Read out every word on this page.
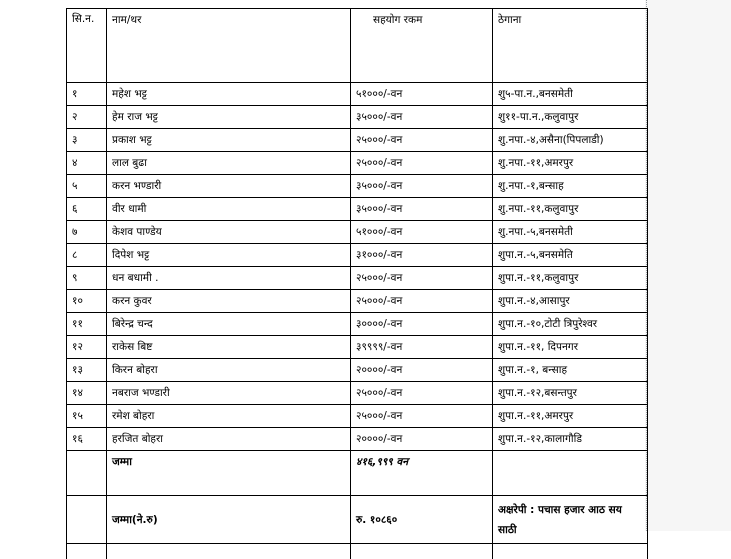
सि.न.	नाम/थर	सहयोग रकम	ठेगाना
१	महेश भट्ट	५१०००/-वन	शु५-पा.न.,बनसमेती
२	हेम राज भट्ट	३५०००/-वन	शु११-पा.न.,कलुवापुर
३	प्रकाश भट्ट	२५०००/-वन	शु.नपा.-४,असैना(पिपलाडी)
४	लाल बुढा	२५०००/-वन	शु.नपा.-११,अमरपुर
५	करन भण्डारी	३५०००/-वन	शु.नपा.-१,बन्साह
६	वीर धामी	३५०००/-वन	शु.नपा.-११,कलुवापुर
७	केशव पाण्डेय	५१०००/-वन	शु.नपा.-५,बनसमेती
८	दिपेश भट्ट	३१०००/-वन	शुपा.न.-५,बनसमेति
९	धन बधामी .	२५०००/-वन	शुपा.न.-११,कलुवापुर
१०	करन कुवर	२५०००/-वन	शुपा.न.-४,आसापुर
११	बिरेन्द्र चन्द	३००००/-वन	शुपा.न.-१०,टोटी त्रिपुरेश्वर
१२	राकेस बिष्ट	३९९९९/-वन	शुपा.न.-११, दिपनगर
१३	किरन बोहरा	२००००/-वन	शुपा.न.-१, बन्साह
१४	नबराज भण्डारी	२५०००/-वन	शुपा.न.-१२,बसन्तपुर
१५	रमेश बोहरा	२५०००/-वन	शुपा.न.-११,अमरपुर
१६	हरजित बोहरा	२००००/-वन	शुपा.न.-१२,कालागौडि
	जम्मा	४१६,९९९ वन	
	जम्मा(ने.रु)	रु. १०८६०	अक्षरेपी : पचास हजार आठ सय साठी
